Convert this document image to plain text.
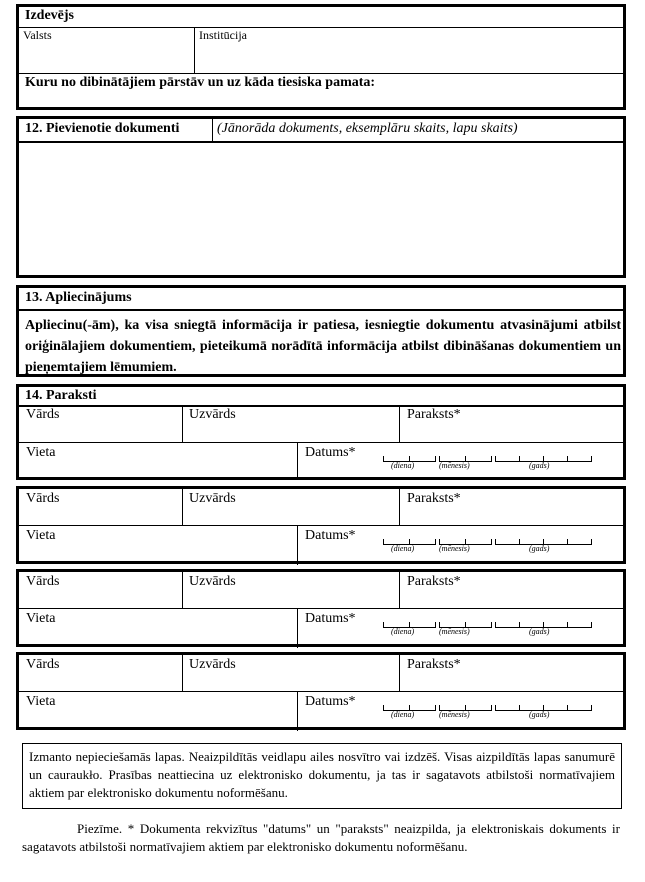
Izdevējs
Valsts	Institūcija
Kuru no dibinātājiem pārstāv un uz kāda tiesiska pamata:
12. Pievienotie dokumenti	(Jānorāda dokuments, eksemplāru skaits, lapu skaits)
13. Apliecinājums
Apliecinu(-ām), ka visa sniegtā informācija ir patiesa, iesniegtie dokumentu atvasinājumi atbilst oriģinālajiem dokumentiem, pieteikumā norādītā informācija atbilst dibināšanas dokumentiem un pieņemtajiem lēmumiem.
14. Paraksti
Vārds	Uzvārds	Paraksts*
Vieta	Datums*
(diena)	(mēnesis)	(gads)
Vārds	Uzvārds	Paraksts*
Vieta	Datums*
(diena)	(mēnesis)	(gads)
Vārds	Uzvārds	Paraksts*
Vieta	Datums*
(diena)	(mēnesis)	(gads)
Vārds	Uzvārds	Paraksts*
Vieta	Datums*
(diena)	(mēnesis)	(gads)
Izmanto nepieciešamās lapas. Neaizpildītās veidlapu ailes nosvītro vai izdzēš. Visas aizpildītās lapas sanumurē un cauraukło. Prasības neattiecina uz elektronisko dokumentu, ja tas ir sagatavots atbilstoši normatīvajiem aktiem par elektronisko dokumentu noformēšanu.
Piezīme. * Dokumenta rekvizītus "datums" un "paraksts" neaizpilda, ja elektroniskais dokuments ir sagatavots atbilstoši normatīvajiem aktiem par elektronisko dokumentu noformēšanu.
